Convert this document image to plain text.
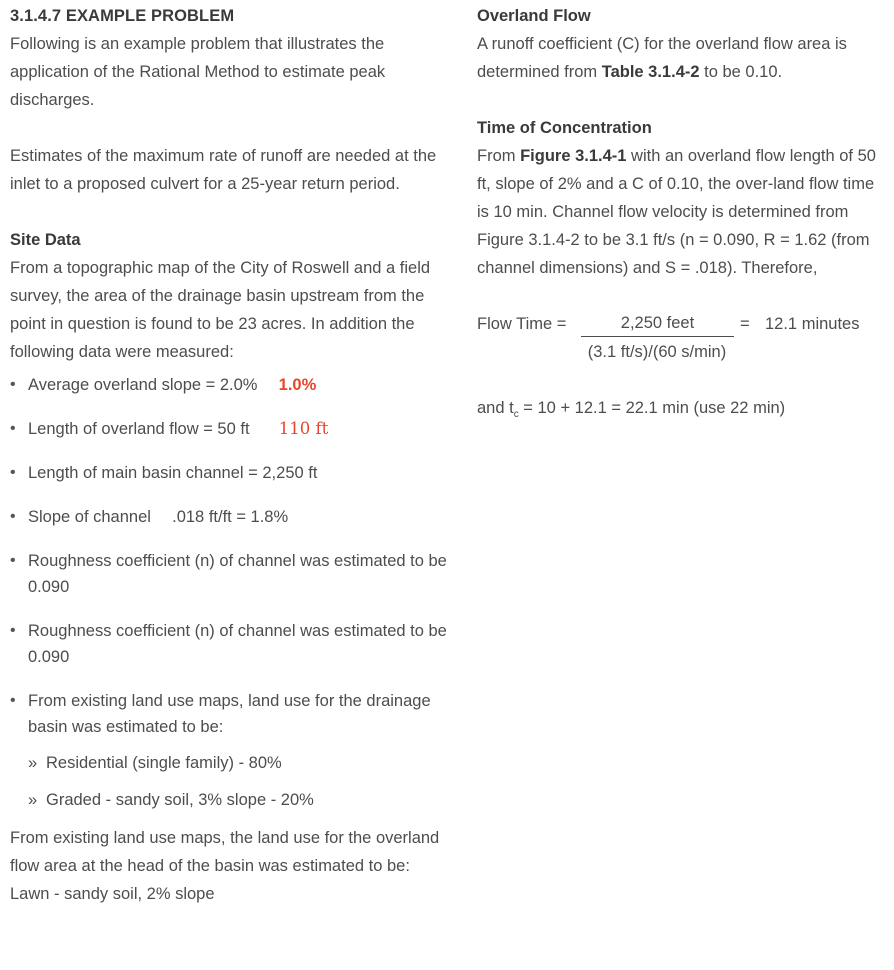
3.1.4.7 EXAMPLE PROBLEM

Following is an example problem that illustrates the application of the Rational Method to estimate peak discharges.

Estimates of the maximum rate of runoff are needed at the inlet to a proposed culvert for a 25-year return period.

Site Data

From a topographic map of the City of Roswell and a field survey, the area of the drainage basin upstream from the point in question is found to be 23 acres. In addition the following data were measured:

• Average overland slope = 2.0% 1.0%
• Length of overland flow = 50 ft 110 ft
• Length of main basin channel = 2,250 ft
• Slope of channel .018 ft/ft = 1.8%
• Roughness coefficient (n) of channel was estimated to be 0.090
• Roughness coefficient (n) of channel was estimated to be 0.090
• From existing land use maps, land use for the drainage basin was estimated to be:
» Residential (single family) - 80%
» Graded - sandy soil, 3% slope - 20%

From existing land use maps, the land use for the overland flow area at the head of the basin was estimated to be: Lawn - sandy soil, 2% slope

Overland Flow

A runoff coefficient (C) for the overland flow area is determined from Table 3.1.4-2 to be 0.10.

Time of Concentration

From Figure 3.1.4-1 with an overland flow length of 50 ft, slope of 2% and a C of 0.10, the over-land flow time is 10 min. Channel flow velocity is determined from Figure 3.1.4-2 to be 3.1 ft/s (n = 0.090, R = 1.62 (from channel dimensions) and S = .018). Therefore,

Flow Time =	2,250 feet
(3.1 ft/s)/(60 s/min)
= 12.1 minutes

and $t_c = 10 + 12.1 = 22.1$ min (use 22 min)
